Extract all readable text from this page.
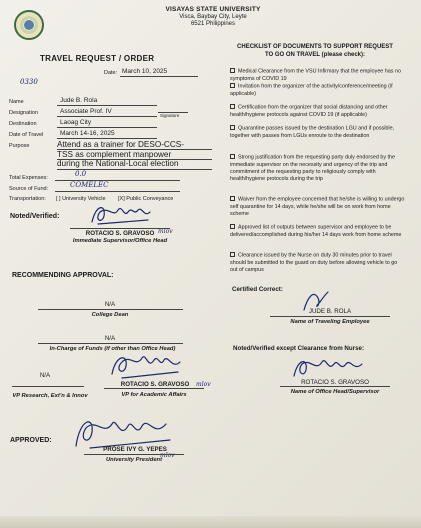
VISAYAS STATE UNIVERSITY
Visca, Baybay City, Leyte
6521 Philippines
TRAVEL REQUEST / ORDER
0330
Date: March 10, 2025
Name	Jude B. Rola
Designation	Associate Prof. IV
Signature
Destination	Laoag City
Date of Travel	March 14-16, 2025
Purpose	Attend as a trainer for DESO-CCS-
TSS as complement manpower
during the National-Local election
Total Expenses:	0.0
Source of Fund:	COMELEC
Transportation: [ ] University Vehicle [X] Public Conveyance
Noted/Verified:
ROTACIO S. GRAVOSO mlov
Immediate Supervisor/Office Head
CHECKLIST OF DOCUMENTS TO SUPPORT REQUEST
TO GO ON TRAVEL (please check):
Medical Clearance from the VSU Infirmary that the employee has no symptoms of COVID 19
Invitation from the organizer of the activity/conference/meeting (if applicable)
Certification from the organizer that social distancing and other health/hygiene protocols against COVID 19 (if applicable)
Quarantine passes issued by the destination LGU and if possible, together with passes from LGUs enroute to the destination
Strong justification from the requesting party duly endorsed by the immediate supervisor on the necessity and urgency of the trip and commitment of the requesting party to religiously comply with health/hygiene protocols during the trip
Waiver from the employee concerned that he/she is willing to undergo self quarantine for 14 days, while he/she will be on work from home scheme
Approved list of outputs between supervisor and employee to be delivered/accomplished during his/her 14 days work from home scheme
Clearance issued by the Nurse on duty 30 minutes prior to travel should be submitted to the guard on duty before allowing vehicle to go out of campus
RECOMMENDING APPROVAL:
N/A
College Dean
N/A
In-Charge of Funds (if other than Office Head)
N/A
VP Research, Ext'n & Innov
ROTACIO S. GRAVOSO	mlov
VP for Academic Affairs
Certified Correct:
JUDE B. ROLA
Name of Traveling Employee
Noted/Verified except Clearance from Nurse:
ROTACIO S. GRAVOSO
Name of Office Head/Supervisor
APPROVED:
PROSE IVY G. YEPES
mlov
University President
